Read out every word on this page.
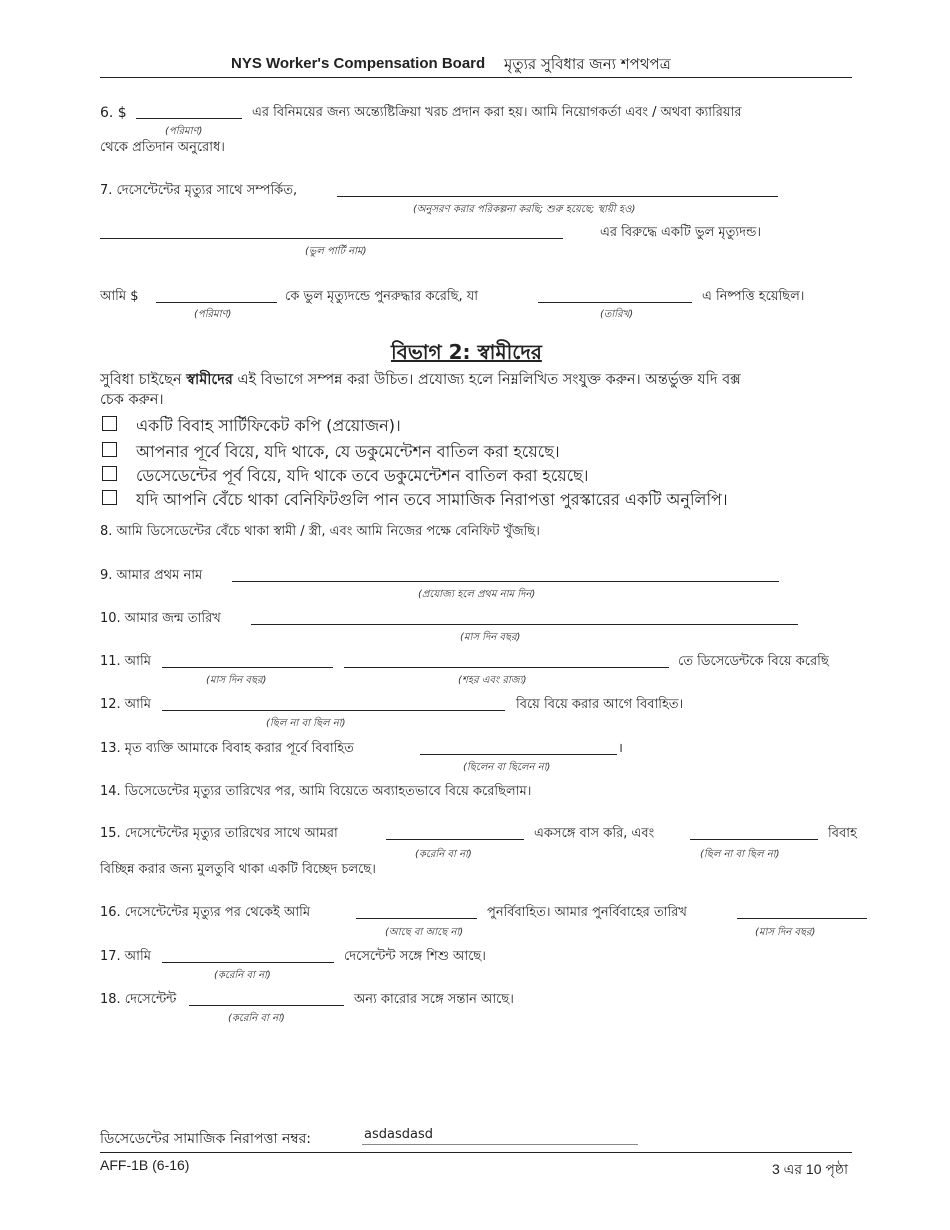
NYS Worker's Compensation Board মৃত্যুর সুবিধার জন্য শপথপত্র
6. $	এর বিনিময়ের জন্য অন্ত্যেষ্টিক্রিয়া খরচ প্রদান করা হয়। আমি নিয়োগকর্তা এবং / অথবা ক্যারিয়ার
(পরিমাণ)
থেকে প্রতিদান অনুরোধ।
7. দেসেন্টেন্টের মৃত্যুর সাথে সম্পর্কিত,
(অনুসরণ করার পরিকল্পনা করছি; শুরু হয়েছে; স্থায়ী হও)
এর বিরুদ্ধে একটি ভুল মৃত্যুদন্ড।
(ভুল পার্টি নাম)
আমি $	কে ভুল মৃত্যুদন্ডে পুনরুদ্ধার করেছি, যা	এ নিষ্পত্তি হয়েছিল।
(পরিমাণ)	(তারিখ)
বিভাগ 2: স্বামীদের
সুবিধা চাইছেন স্বামীদের এই বিভাগে সম্পন্ন করা উচিত। প্রযোজ্য হলে নিম্নলিখিত সংযুক্ত করুন। অন্তর্ভুক্ত যদি বক্স
চেক করুন।
একটি বিবাহ সার্টিফিকেট কপি (প্রয়োজন)।
আপনার পূর্বে বিয়ে, যদি থাকে, যে ডকুমেন্টেশন বাতিল করা হয়েছে।
ডেসেডেন্টের পূর্ব বিয়ে, যদি থাকে তবে ডকুমেন্টেশন বাতিল করা হয়েছে।
যদি আপনি বেঁচে থাকা বেনিফিটগুলি পান তবে সামাজিক নিরাপত্তা পুরস্কারের একটি অনুলিপি।
8. আমি ডিসেডেন্টের বেঁচে থাকা স্বামী / স্ত্রী, এবং আমি নিজের পক্ষে বেনিফিট খুঁজছি।
9. আমার প্রথম নাম
(প্রযোজ্য হলে প্রথম নাম দিন)
10. আমার জন্ম তারিখ
(মাস দিন বছর)
11. আমি	তে ডিসেডেন্টকে বিয়ে করেছি
(মাস দিন বছর)	(শহর এবং রাজ্য)
12. আমি	বিয়ে বিয়ে করার আগে বিবাহিত।
(ছিল না বা ছিল না)
13. মৃত ব্যক্তি আমাকে বিবাহ করার পূর্বে বিবাহিত	।
(ছিলেন বা ছিলেন না)
14. ডিসেডেন্টের মৃত্যুর তারিখের পর, আমি বিয়েতে অব্যাহতভাবে বিয়ে করেছিলাম।
15. দেসেন্টেন্টের মৃত্যুর তারিখের সাথে আমরা	একসঙ্গে বাস করি, এবং	বিবাহ
(করেনি বা না)	(ছিল না বা ছিল না)
বিচ্ছিন্ন করার জন্য মুলতুবি থাকা একটি বিচ্ছেদ চলছে।
16. দেসেন্টেন্টের মৃত্যুর পর থেকেই আমি	পুনর্বিবাহিত। আমার পুনর্বিবাহের তারিখ
(আছে বা আছে না)	(মাস দিন বছর)
17. আমি	দেসেন্টেন্ট সঙ্গে শিশু আছে।
(করেনি বা না)
18. দেসেন্টেন্ট	অন্য কারোর সঙ্গে সন্তান আছে।
(করেনি বা না)
ডিসেডেন্টের সামাজিক নিরাপত্তা নম্বর:
asdasdasd
AFF-1B (6-16)	3 এর 10 পৃষ্ঠা
